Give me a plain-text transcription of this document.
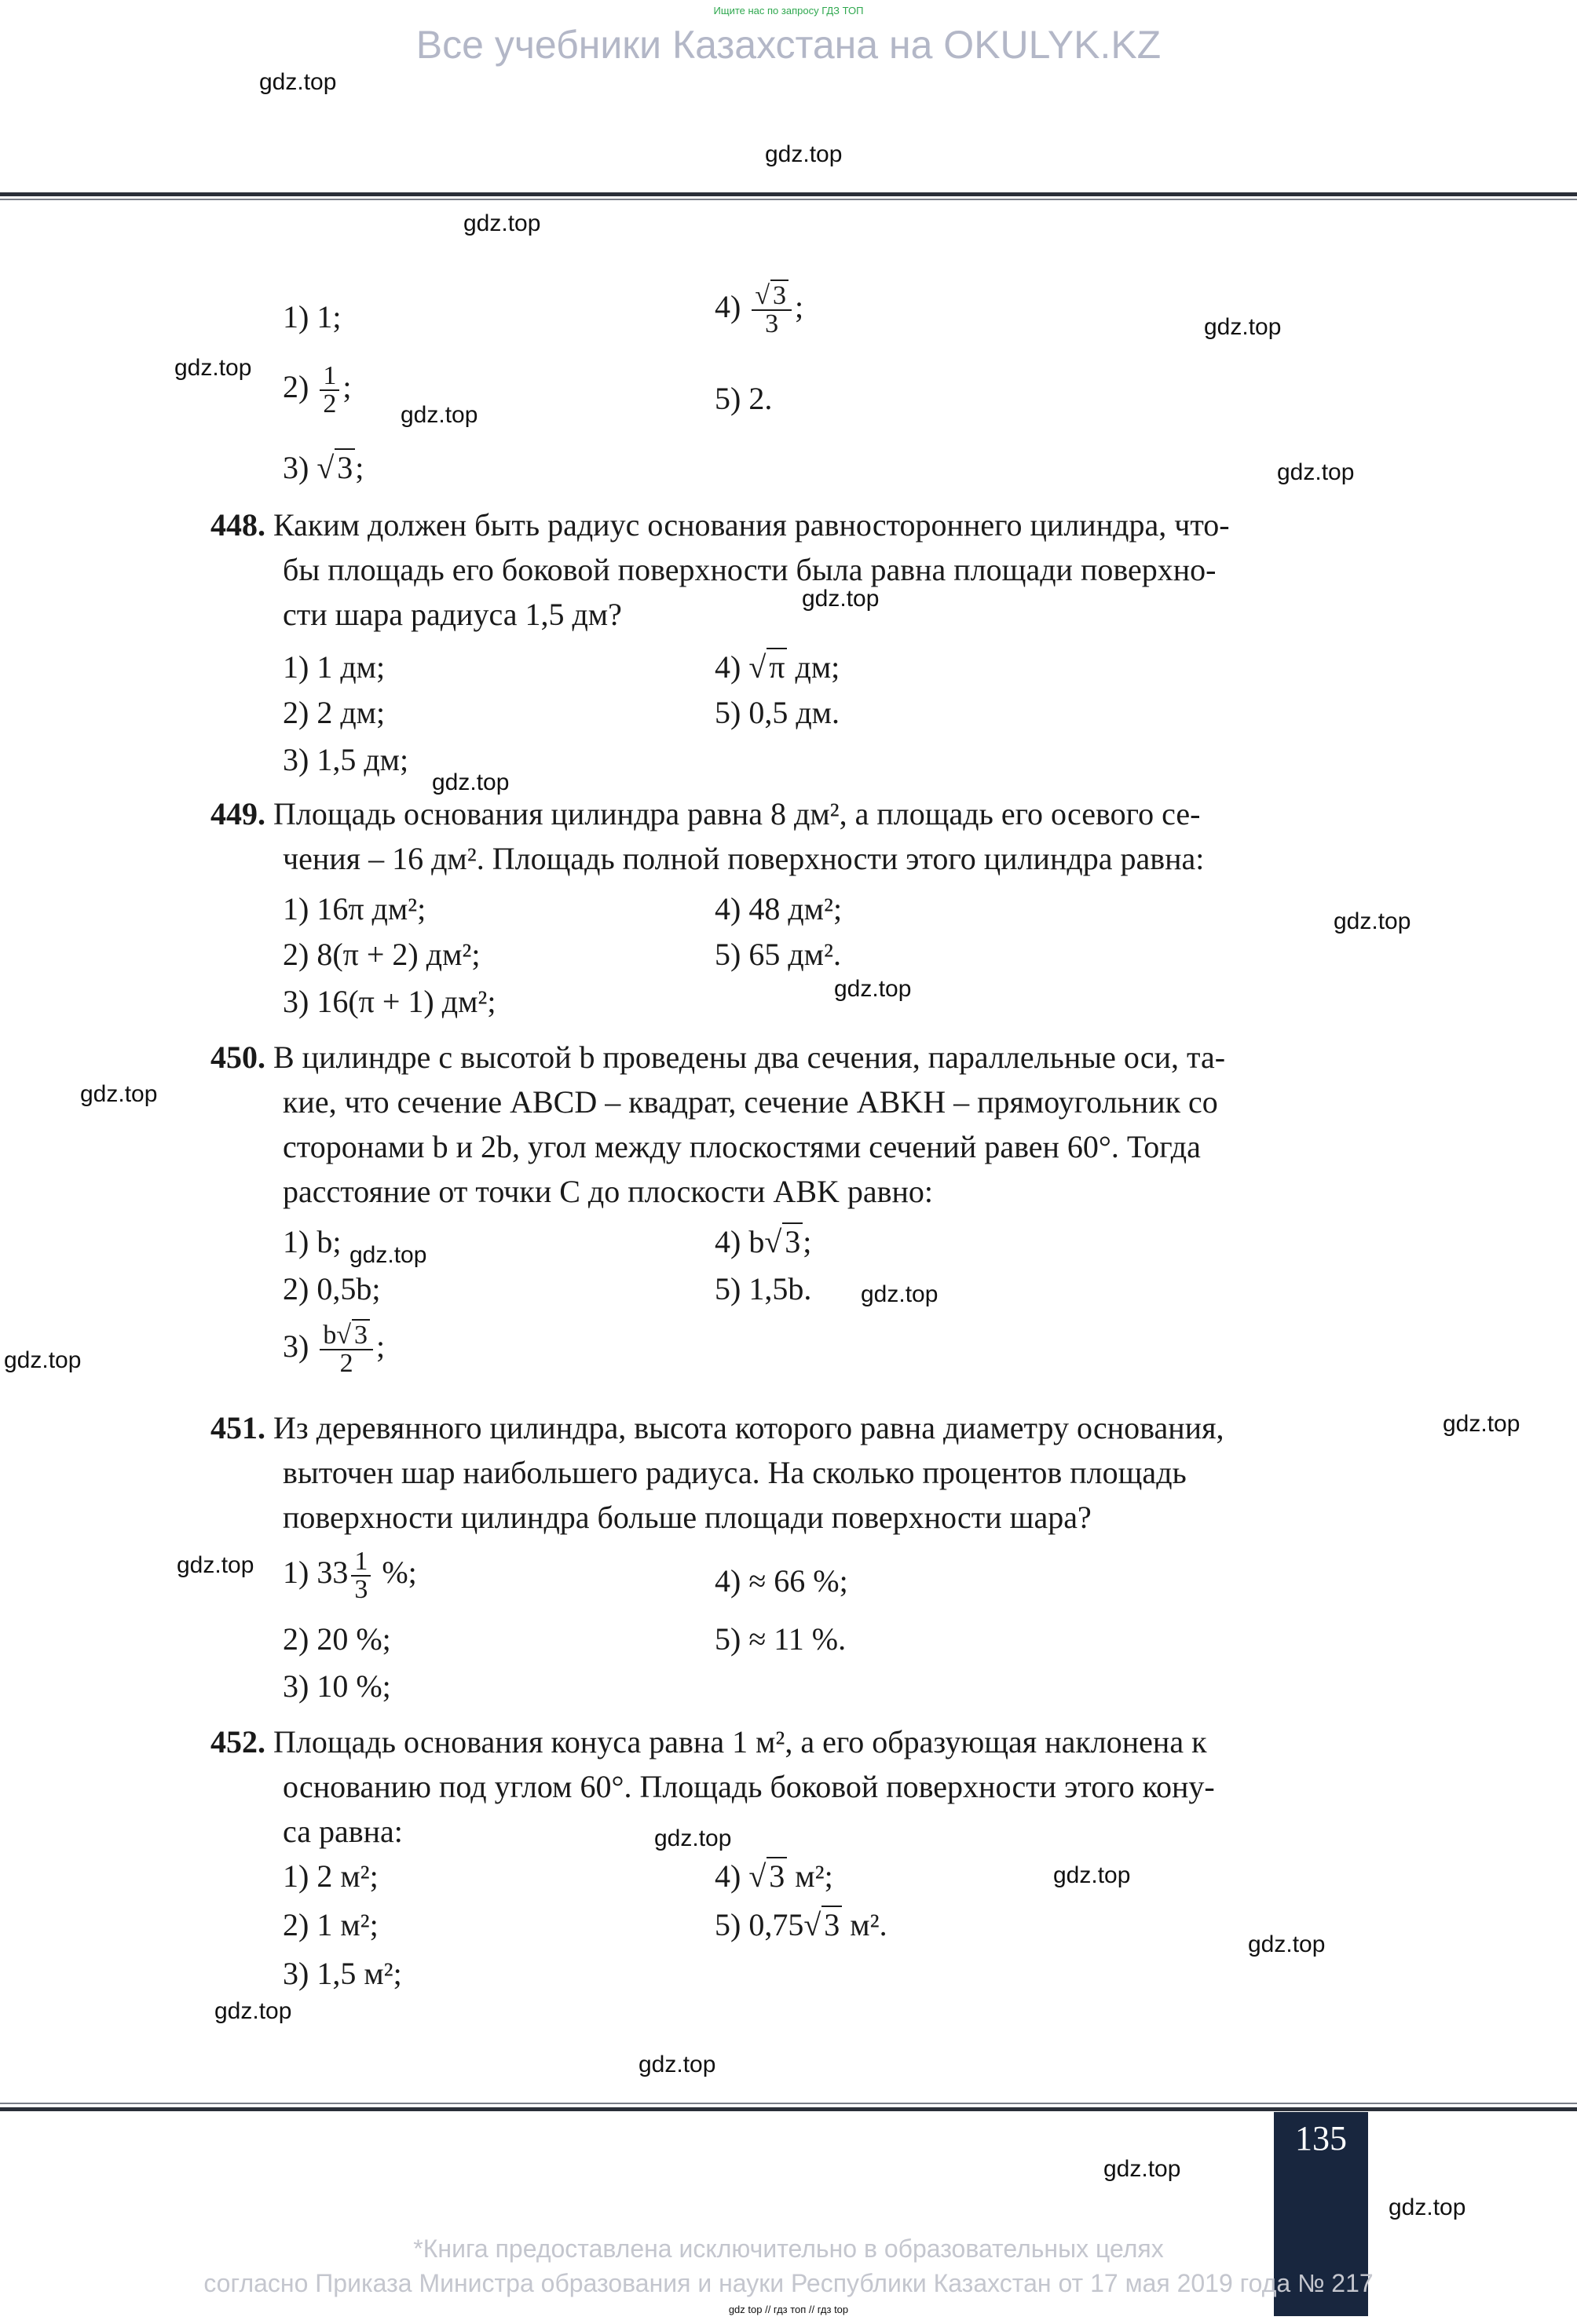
Ищите нас по запросу ГДЗ ТОП
Все учебники Казахстана на OKULYK.KZ
gdz.top
gdz.top
gdz.top
gdz.top
gdz.top
gdz.top
gdz.top
gdz.top
gdz.top
gdz.top
gdz.top
gdz.top
gdz.top
gdz.top
gdz.top
gdz.top
gdz.top
gdz.top
gdz.top
gdz.top
gdz.top
gdz.top
gdz.top
gdz.top
1) 1;
$2) \frac{1}{2}$ ;
3) √ 3;
$4) \frac{√ 3}{3}$ ;
5) 2.
448. Каким должен быть радиус основания равностороннего цилиндра, что-
бы площадь его боковой поверхности была равна площади поверхно-
сти шара радиуса 1,5 дм?
1) 1 дм;
2) 2 дм;
3) 1,5 дм;
4) √ π дм;
5) 0,5 дм.
449. Площадь основания цилиндра равна 8 дм², а площадь его осевого се-
чения – 16 дм². Площадь полной поверхности этого цилиндра равна:
1) 16π дм²;
2) 8(π + 2) дм²;
3) 16(π + 1) дм²;
4) 48 дм²;
5) 65 дм².
450. В цилиндре с высотой b проведены два сечения, параллельные оси, та-
кие, что сечение ABCD – квадрат, сечение ABKH – прямоугольник со
сторонами b и 2b, угол между плоскостями сечений равен 60°. Тогда
расстояние от точки C до плоскости ABK равно:
1) b;
2) 0,5b;
$3) \frac{b√ 3}{2}$ ;
4) b√ 3;
5) 1,5b.
451. Из деревянного цилиндра, высота которого равна диаметру основания,
выточен шар наибольшего радиуса. На сколько процентов площадь
поверхности цилиндра больше площади поверхности шара?
1) $33 \frac{1}{3}$ %;
2) 20 %;
3) 10 %;
4) ≈ 66 %;
5) ≈ 11 %.
452. Площадь основания конуса равна 1 м², а его образующая наклонена к
основанию под углом 60°. Площадь боковой поверхности этого кону-
са равна:
1) 2 м²;
2) 1 м²;
3) 1,5 м²;
4) √ 3 м²;
5) 0,75√ 3 м².
135
*Книга предоставлена исключительно в образовательных целях
согласно Приказа Министра образования и науки Республики Казахстан от 17 мая 2019 года № 217
gdz top // гдз топ // гдз top
